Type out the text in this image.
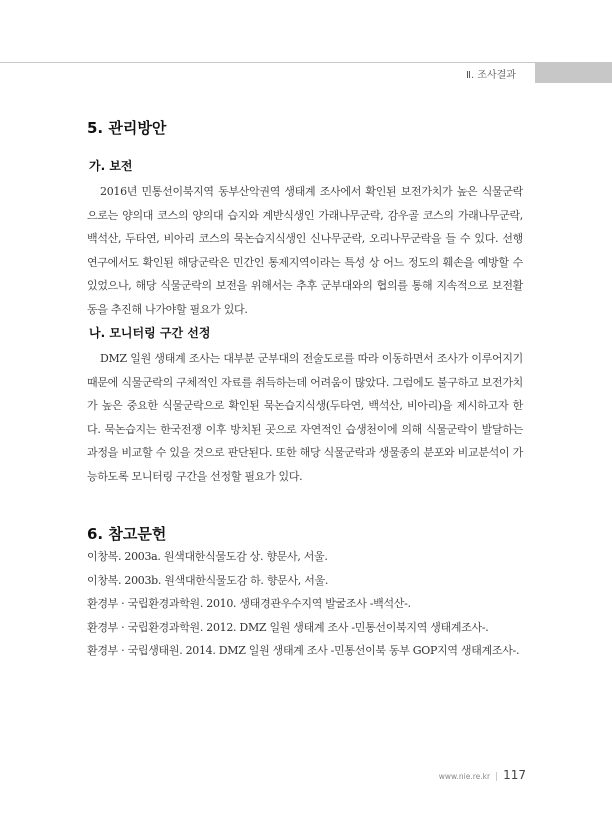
Ⅱ. 조사결과
5. 관리방안
가. 보전

2016년 민통선이북지역 동부산악권역 생태계 조사에서 확인된 보전가치가 높은 식물군락으로는 양의대 코스의 양의대 습지와 계반식생인 가래나무군락, 감우골 코스의 가래나무군락, 백석산, 두타연, 비아리 코스의 묵논습지식생인 신나무군락, 오리나무군락을 들 수 있다. 선행 연구에서도 확인된 해당군락은 민간인 통제지역이라는 특성 상 어느 정도의 훼손을 예방할 수 있었으나, 해당 식물군락의 보전을 위해서는 추후 군부대와의 협의를 통해 지속적으로 보전활동을 추진해 나가야할 필요가 있다.

나. 모니터링 구간 선정

DMZ 일원 생태계 조사는 대부분 군부대의 전술도로를 따라 이동하면서 조사가 이루어지기 때문에 식물군락의 구체적인 자료를 취득하는데 어려움이 많았다. 그럼에도 불구하고 보전가치가 높은 중요한 식물군락으로 확인된 묵논습지식생(두타연, 백석산, 비아리)을 제시하고자 한다. 묵논습지는 한국전쟁 이후 방치된 곳으로 자연적인 습생천이에 의해 식물군락이 발달하는 과정을 비교할 수 있을 것으로 판단된다. 또한 해당 식물군락과 생물종의 분포와 비교분석이 가능하도록 모니터링 구간을 선정할 필요가 있다.

6. 참고문헌
이창복. 2003a. 원색대한식물도감 상. 향문사, 서울.
이창복. 2003b. 원색대한식물도감 하. 향문사, 서울.
환경부 · 국립환경과학원. 2010. 생태경관우수지역 발굴조사 -백석산-.
환경부 · 국립환경과학원. 2012. DMZ 일원 생태계 조사 -민통선이북지역 생태계조사-.
환경부 · 국립생태원. 2014. DMZ 일원 생태계 조사 -민통선이북 동부 GOP지역 생태계조사-.
www.nie.re.kr | 117
